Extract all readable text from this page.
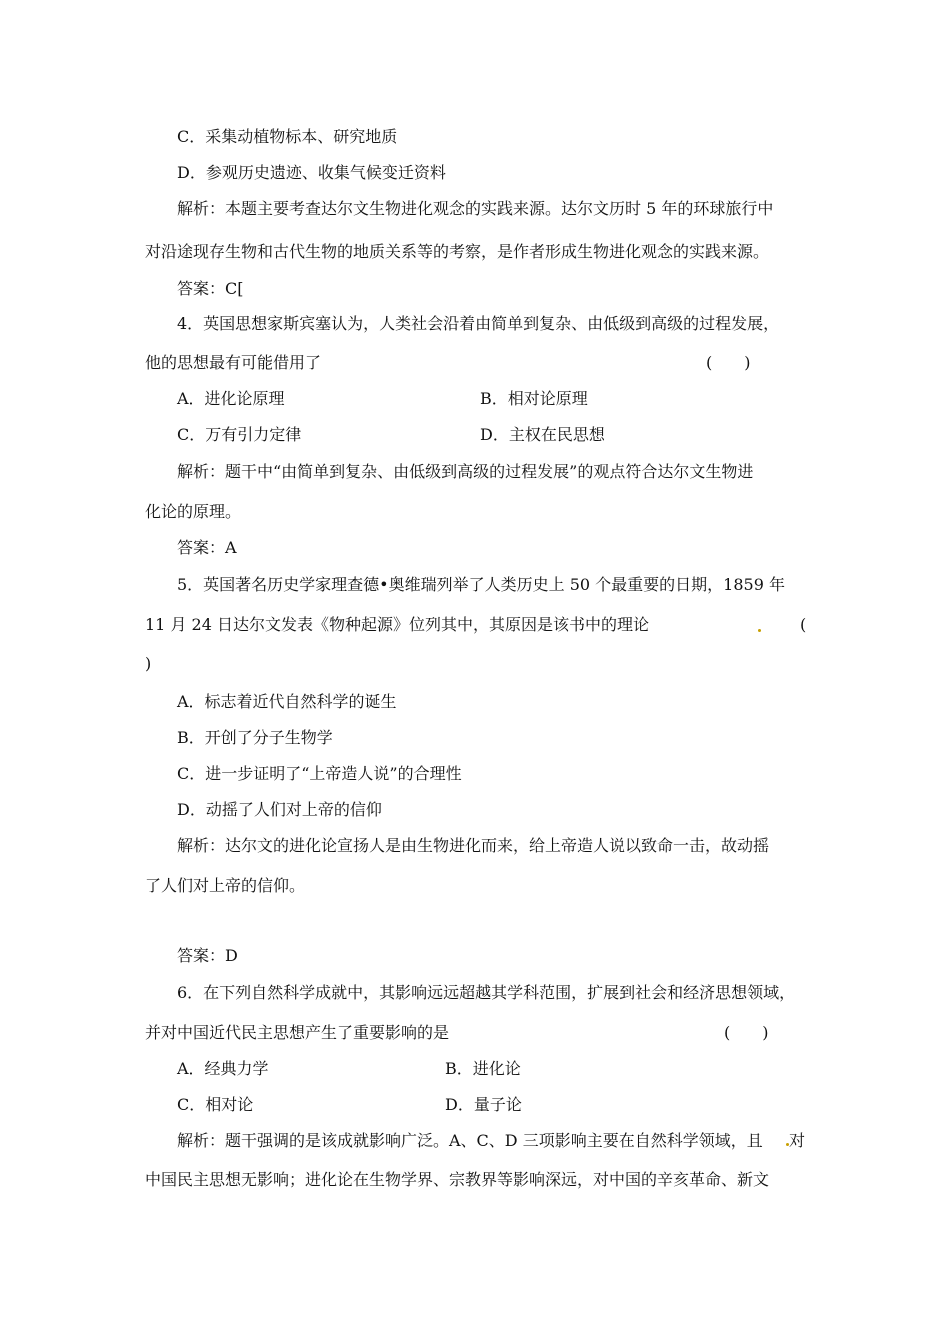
C．采集动植物标本、研究地质
D．参观历史遗迹、收集气候变迁资料
解析：本题主要考查达尔文生物进化观念的实践来源。达尔文历时 5 年的环球旅行中
对沿途现存生物和古代生物的地质关系等的考察，是作者形成生物进化观念的实践来源。
答案：C[
4．英国思想家斯宾塞认为，人类社会沿着由简单到复杂、由低级到高级的过程发展，
他的思想最有可能借用了	(　　)
A．进化论原理	B．相对论原理
C．万有引力定律	D．主权在民思想
解析：题干中“由简单到复杂、由低级到高级的过程发展”的观点符合达尔文生物进
化论的原理。
答案：A
5．英国著名历史学家理查德•奥维瑞列举了人类历史上 50 个最重要的日期，1859 年
11 月 24 日达尔文发表《物种起源》位列其中，其原因是该书中的理论	(
)
A．标志着近代自然科学的诞生
B．开创了分子生物学
C．进一步证明了“上帝造人说”的合理性
D．动摇了人们对上帝的信仰
解析：达尔文的进化论宣扬人是由生物进化而来，给上帝造人说以致命一击，故动摇
了人们对上帝的信仰。
答案：D
6．在下列自然科学成就中，其影响远远超越其学科范围，扩展到社会和经济思想领域，
并对中国近代民主思想产生了重要影响的是	(　　)
A．经典力学	B．进化论
C．相对论	D．量子论
解析：题干强调的是该成就影响广泛。A、C、D 三项影响主要在自然科学领域，且 对
中国民主思想无影响；进化论在生物学界、宗教界等影响深远，对中国的辛亥革命、新文
